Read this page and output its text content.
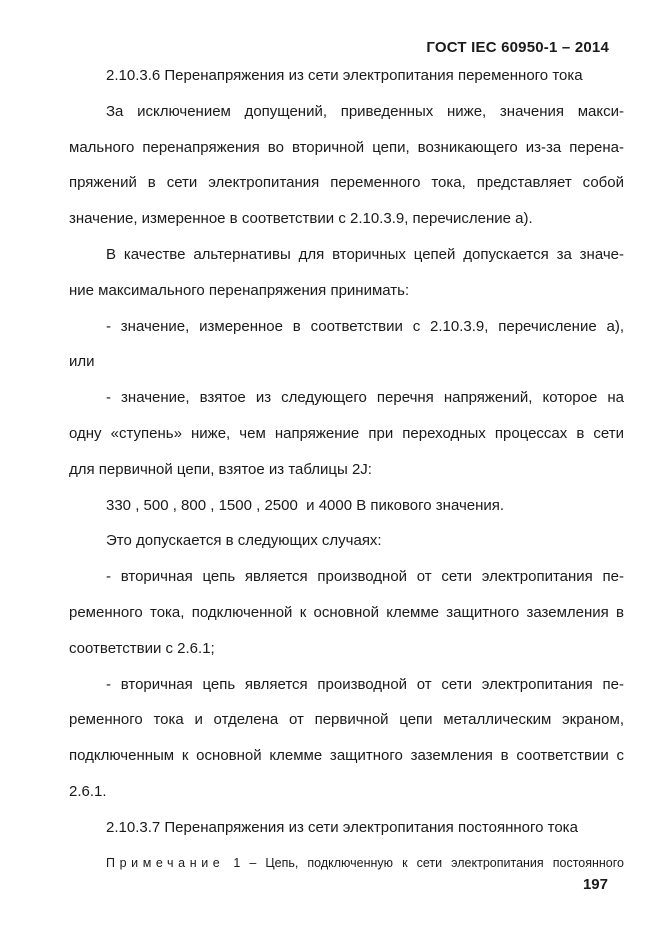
ГОСТ IEC 60950-1 – 2014

2.10.3.6 Перенапряжения из сети электропитания переменного тока

За исключением допущений, приведенных ниже, значения макси-
мального перенапряжения во вторичной цепи, возникающего из-за перена-
пряжений в сети электропитания переменного тока, представляет собой
значение, измеренное в соответствии с 2.10.3.9, перечисление а).
В качестве альтернативы для вторичных цепей допускается за значе-
ние максимального перенапряжения принимать:
- значение, измеренное в соответствии с 2.10.3.9, перечисление а),
или
- значение, взятое из следующего перечня напряжений, которое на
одну «ступень» ниже, чем напряжение при переходных процессах в сети
для первичной цепи, взятое из таблицы 2J:

330 , 500 , 800 , 1500 , 2500  и 4000 В пикового значения.

Это допускается в следующих случаях:

- вторичная цепь является производной от сети электропитания пе-
ременного тока, подключенной к основной клемме защитного заземления в
соответствии с 2.6.1;
- вторичная цепь является производной от сети электропитания пе-
ременного тока и отделена от первичной цепи металлическим экраном,
подключенным к основной клемме защитного заземления в соответствии с
2.6.1.

2.10.3.7 Перенапряжения из сети электропитания постоянного тока

Примечание 1 – Цепь, подключенную к сети электропитания постоянного
197
